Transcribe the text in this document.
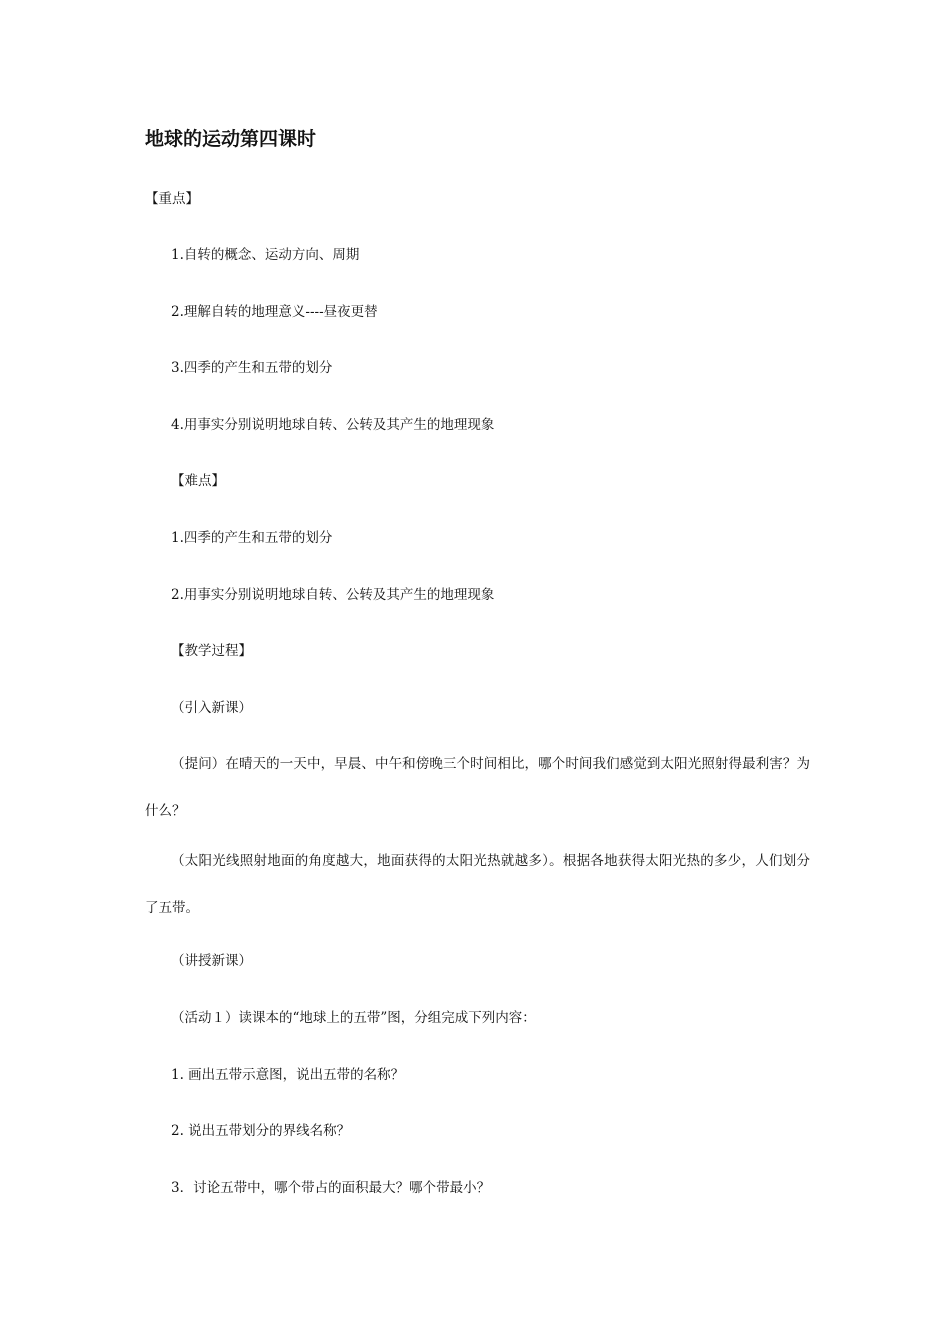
地球的运动第四课时
【重点】
1.自转的概念、运动方向、周期
2.理解自转的地理意义----昼夜更替
3.四季的产生和五带的划分
4.用事实分别说明地球自转、公转及其产生的地理现象
【难点】
1.四季的产生和五带的划分
2.用事实分别说明地球自转、公转及其产生的地理现象
【教学过程】
（引入新课）
（提问）在晴天的一天中，早晨、中午和傍晚三个时间相比，哪个时间我们感觉到太阳光照射得最利害？为什么？
（太阳光线照射地面的角度越大，地面获得的太阳光热就越多）。根据各地获得太阳光热的多少，人们划分了五带。
（讲授新课）
（活动１）读课本的“地球上的五带”图，分组完成下列内容：
1. 画出五带示意图，说出五带的名称？
2. 说出五带划分的界线名称？
3．讨论五带中，哪个带占的面积最大？哪个带最小？
